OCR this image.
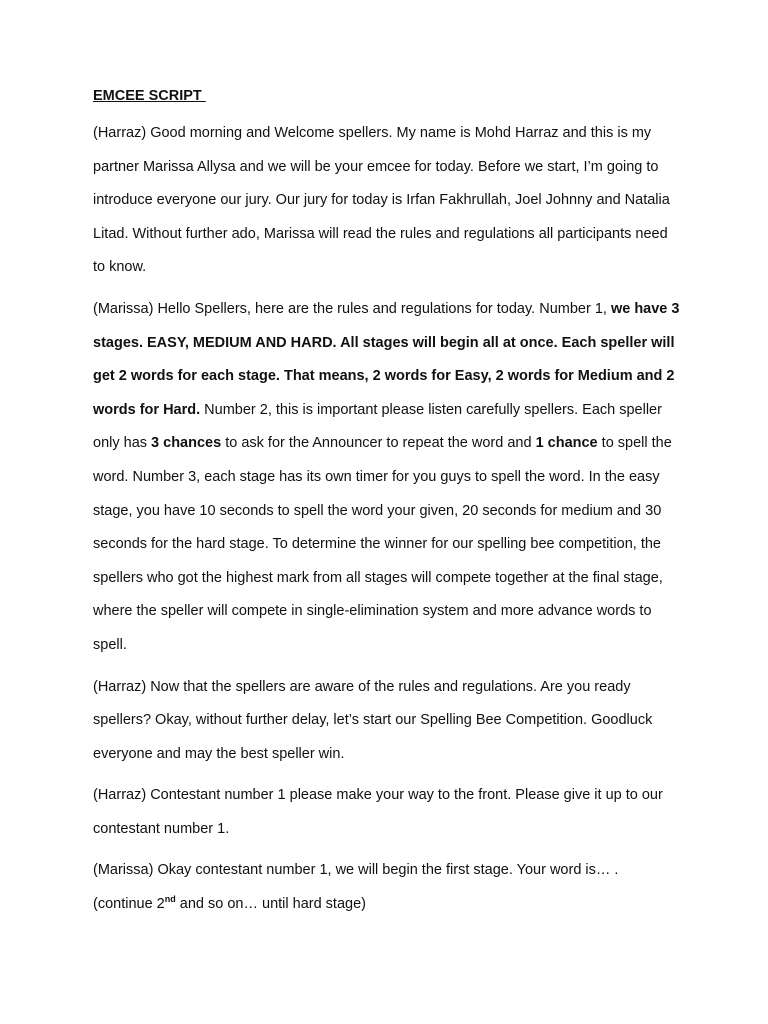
EMCEE SCRIPT

(Harraz) Good morning and Welcome spellers. My name is Mohd Harraz and this is my partner Marissa Allysa and we will be your emcee for today. Before we start, I’m going to introduce everyone our jury. Our jury for today is Irfan Fakhrullah, Joel Johnny and Natalia Litad. Without further ado, Marissa will read the rules and regulations all participants need to know.

(Marissa) Hello Spellers, here are the rules and regulations for today. Number 1, we have 3 stages. EASY, MEDIUM AND HARD. All stages will begin all at once. Each speller will get 2 words for each stage. That means, 2 words for Easy, 2 words for Medium and 2 words for Hard. Number 2, this is important please listen carefully spellers. Each speller only has 3 chances to ask for the Announcer to repeat the word and 1 chance to spell the word. Number 3, each stage has its own timer for you guys to spell the word. In the easy stage, you have 10 seconds to spell the word your given, 20 seconds for medium and 30 seconds for the hard stage. To determine the winner for our spelling bee competition, the spellers who got the highest mark from all stages will compete together at the final stage, where the speller will compete in single-elimination system and more advance words to spell.

(Harraz) Now that the spellers are aware of the rules and regulations. Are you ready spellers? Okay, without further delay, let’s start our Spelling Bee Competition. Goodluck everyone and may the best speller win.

(Harraz) Contestant number 1 please make your way to the front. Please give it up to our contestant number 1.

(Marissa) Okay contestant number 1, we will begin the first stage. Your word is… .
(continue 2nd and so on… until hard stage)
